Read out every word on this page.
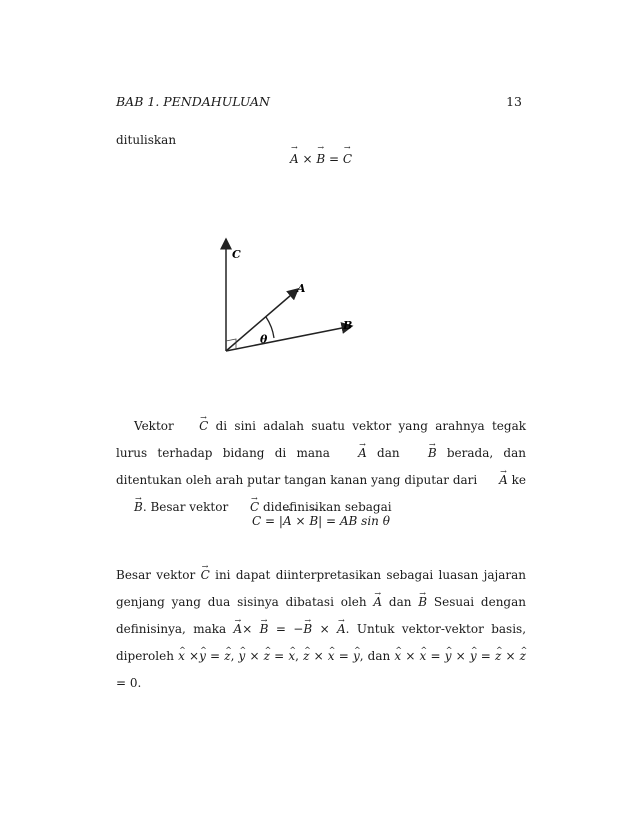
BAB 1. PENDAHULUAN	13
dituliskan
→ A × → B = → C
C
A
B
θ
Vektor → C di sini adalah suatu vektor yang arahnya tegak lurus terhadap bidang di mana → A dan → B berada, dan ditentukan oleh arah putar tangan kanan yang diputar dari → A ke → B. Besar vektor → C didefinisikan sebagai
C = |→ A × → B| = AB sin θ
Besar vektor → C ini dapat diinterpretasikan sebagai luasan jajaran genjang yang dua sisinya dibatasi oleh → A dan → B Sesuai dengan definisinya, maka → A× → B = −→ B × → A. Untuk vektor-vektor basis, diperoleh ^ x ×^ y = ^ z, ^ y × ^ z = ^ x, ^ z × ^ x = ^ y, dan ^ x × ^ x = ^ y × ^ y = ^ z × ^ z = 0.
